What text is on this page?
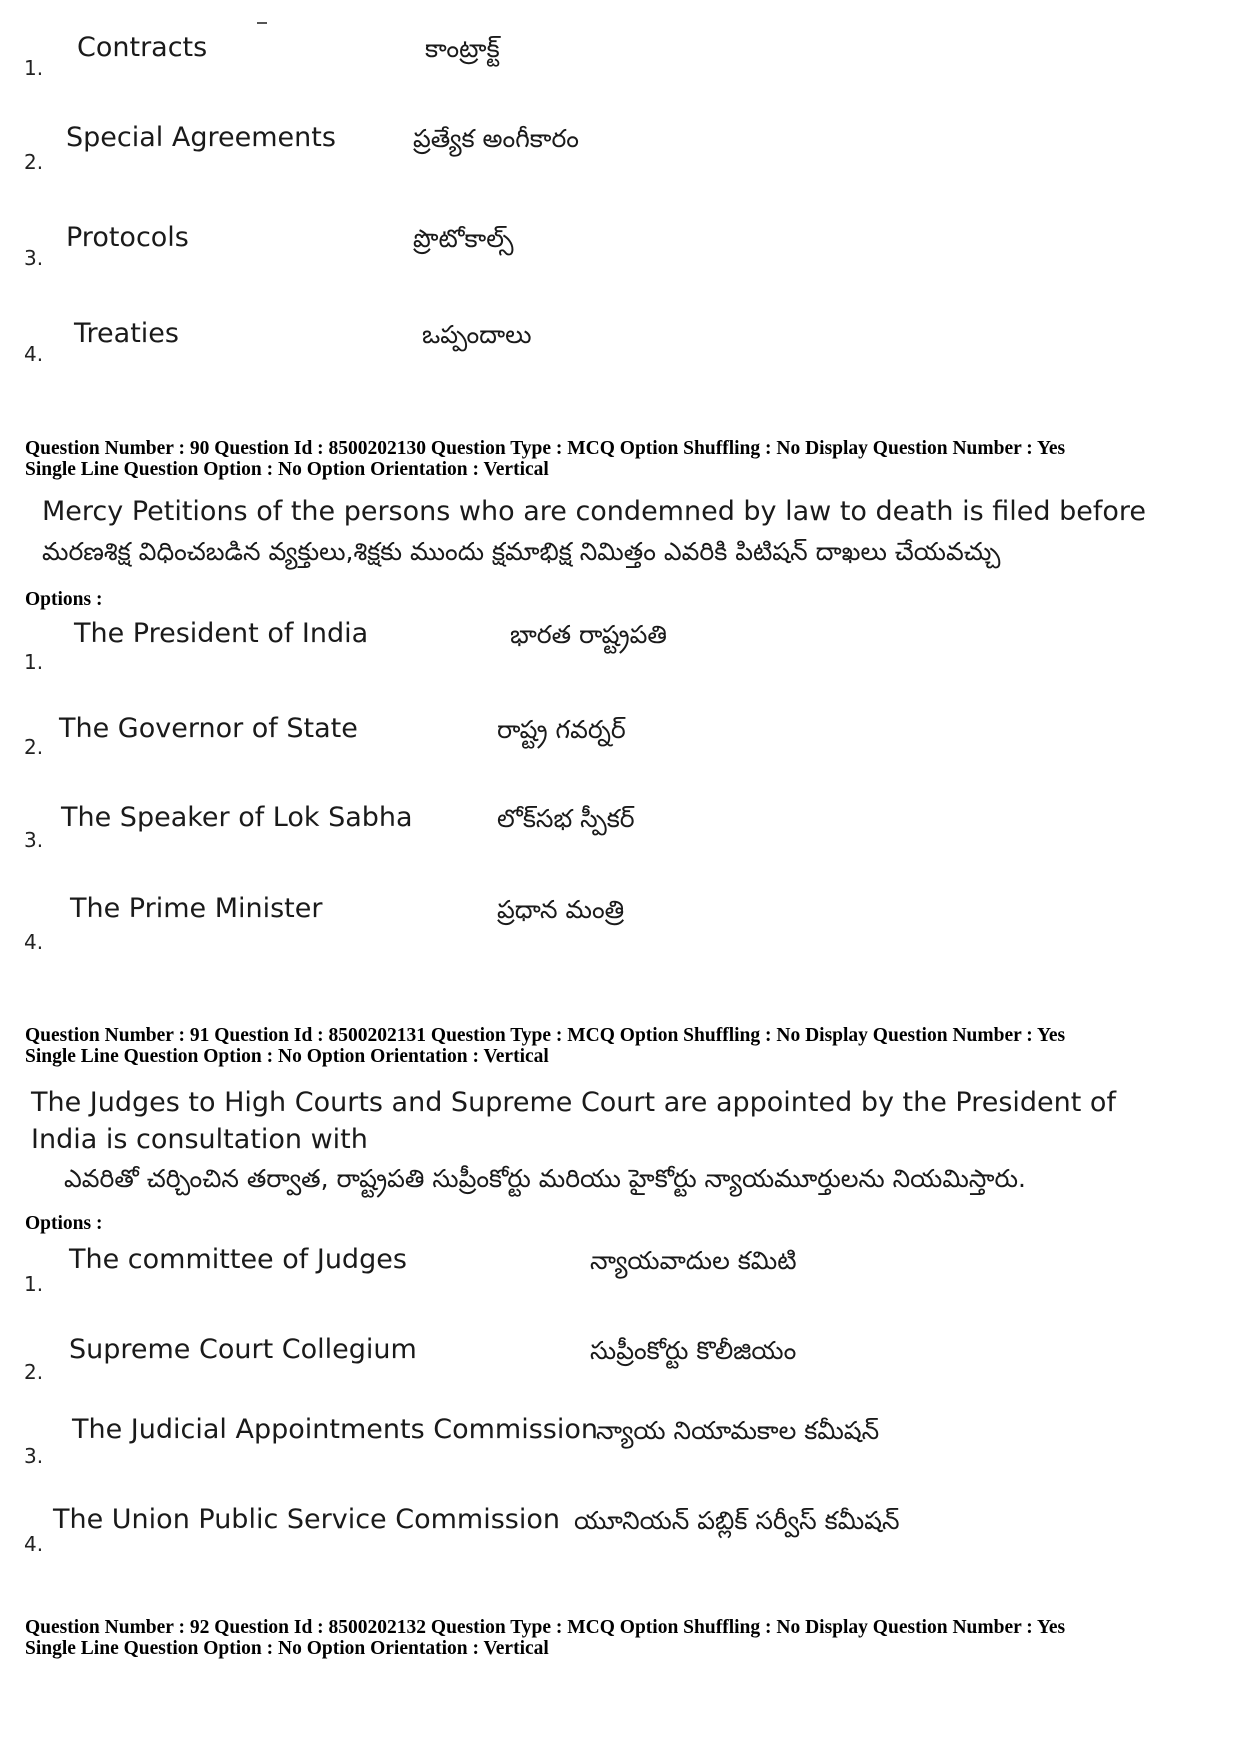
1.
Contracts	కాంట్రాక్ట్
2.
Special Agreements	ప్రత్యేక అంగీకారం
3.
Protocols	ప్రొటోకాల్స్
4.
Treaties	ఒప్పందాలు
Question Number : 90 Question Id : 8500202130 Question Type : MCQ Option Shuffling : No Display Question Number : Yes
Single Line Question Option : No Option Orientation : Vertical
Mercy Petitions of the persons who are condemned by law to death is filed before
మరణశిక్ష విధించబడిన వ్యక్తులు,శిక్షకు ముందు క్షమాభిక్ష నిమిత్తం ఎవరికి పిటిషన్ దాఖలు చేయవచ్చు
Options :
1.
The President of India	భారత రాష్ట్రపతి
2.
The Governor of State	రాష్ట్ర గవర్నర్
3.
The Speaker of Lok Sabha	లోక్‌సభ స్పీకర్
4.
The Prime Minister	ప్రధాన మంత్రి
Question Number : 91 Question Id : 8500202131 Question Type : MCQ Option Shuffling : No Display Question Number : Yes
Single Line Question Option : No Option Orientation : Vertical
The Judges to High Courts and Supreme Court are appointed by the President of
India is consultation with
ఎవరితో చర్చించిన తర్వాత, రాష్ట్రపతి సుప్రీంకోర్టు మరియు హైకోర్టు న్యాయమూర్తులను నియమిస్తారు.
Options :
1.
The committee of Judges	న్యాయవాదుల కమిటి
2.
Supreme Court Collegium	సుప్రీంకోర్టు కొలీజియం
3.
The Judicial Appointments Commission
న్యాయ నియామకాల కమీషన్
4.
The Union Public Service Commission యూనియన్ పబ్లిక్ సర్వీస్ కమీషన్
Question Number : 92 Question Id : 8500202132 Question Type : MCQ Option Shuffling : No Display Question Number : Yes
Single Line Question Option : No Option Orientation : Vertical
